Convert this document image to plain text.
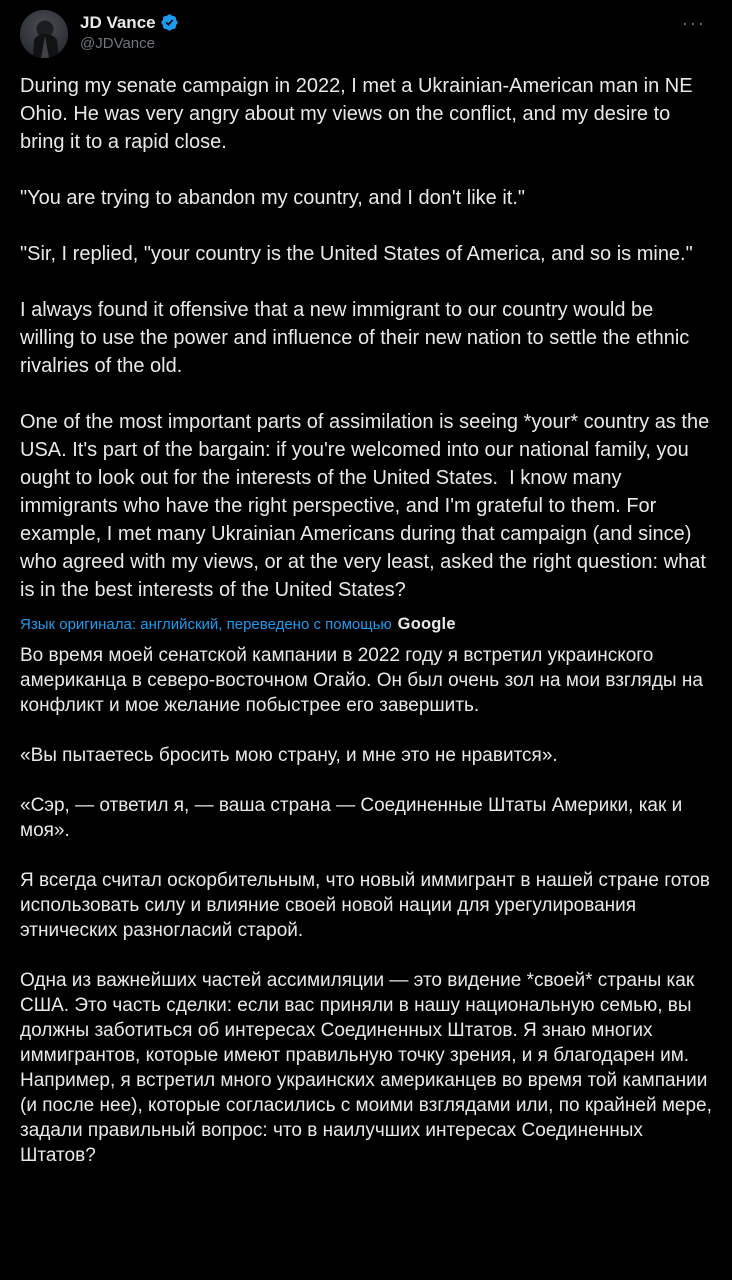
JD Vance
@JDVance
···

During my senate campaign in 2022, I met a Ukrainian-American man in NE Ohio. He was very angry about my views on the conflict, and my desire to bring it to a rapid close.

"You are trying to abandon my country, and I don't like it."

"Sir, I replied, "your country is the United States of America, and so is mine."

I always found it offensive that a new immigrant to our country would be willing to use the power and influence of their new nation to settle the ethnic rivalries of the old.

One of the most important parts of assimilation is seeing *your* country as the USA. It's part of the bargain: if you're welcomed into our national family, you ought to look out for the interests of the United States.  I know many immigrants who have the right perspective, and I'm grateful to them. For example, I met many Ukrainian Americans during that campaign (and since) who agreed with my views, or at the very least, asked the right question: what is in the best interests of the United States?

Язык оригинала: английский, переведено с помощью Google

Во время моей сенатской кампании в 2022 году я встретил украинского американца в северо-восточном Огайо. Он был очень зол на мои взгляды на конфликт и мое желание побыстрее его завершить.

«Вы пытаетесь бросить мою страну, и мне это не нравится».

«Сэр, — ответил я, — ваша страна — Соединенные Штаты Америки, как и моя».

Я всегда считал оскорбительным, что новый иммигрант в нашей стране готов использовать силу и влияние своей новой нации для урегулирования этнических разногласий старой.

Одна из важнейших частей ассимиляции — это видение *своей* страны как США. Это часть сделки: если вас приняли в нашу национальную семью, вы должны заботиться об интересах Соединенных Штатов. Я знаю многих иммигрантов, которые имеют правильную точку зрения, и я благодарен им. Например, я встретил много украинских американцев во время той кампании (и после нее), которые согласились с моими взглядами или, по крайней мере, задали правильный вопрос: что в наилучших интересах Соединенных Штатов?
